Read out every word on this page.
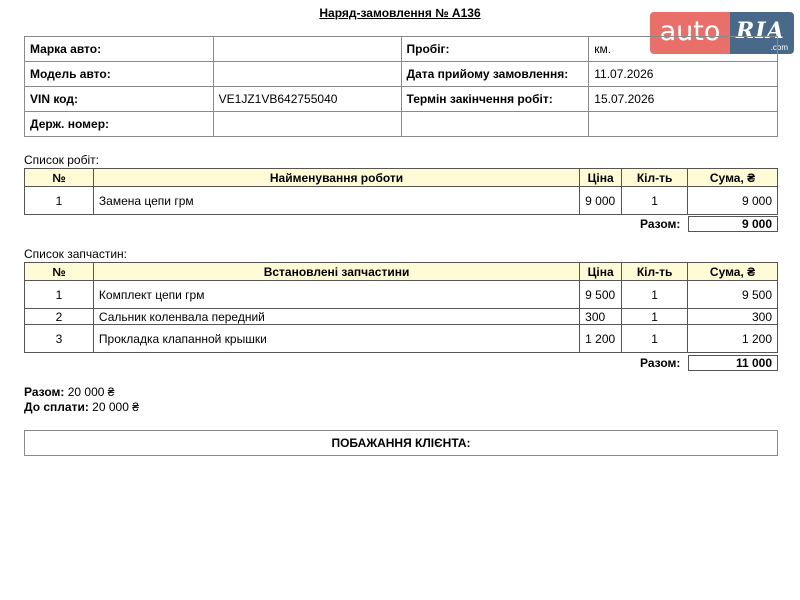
Наряд-замовлення № А136
auto RIA
.com
Марка авто:		Пробіг:	км.
Модель авто:		Дата прийому замовлення:	11.07.2026
VIN код:	VE1JZ1VB642755040	Термін закінчення робіт:	15.07.2026
Держ. номер:			
Список робіт:
№	Найменування роботи	Ціна	Кіл-ть	Сума, ₴
1	Замена цепи грм	9 000	1	9 000
Разом:	9 000
Список запчастин:
№	Встановлені запчастини	Ціна	Кіл-ть	Сума, ₴
1	Комплект цепи грм	9 500	1	9 500
2	Сальник коленвала передний	300	1	300
3	Прокладка клапанной крышки	1 200	1	1 200
Разом:	11 000
Разом: 20 000 ₴
До сплати: 20 000 ₴
ПОБАЖАННЯ КЛІЄНТА:
